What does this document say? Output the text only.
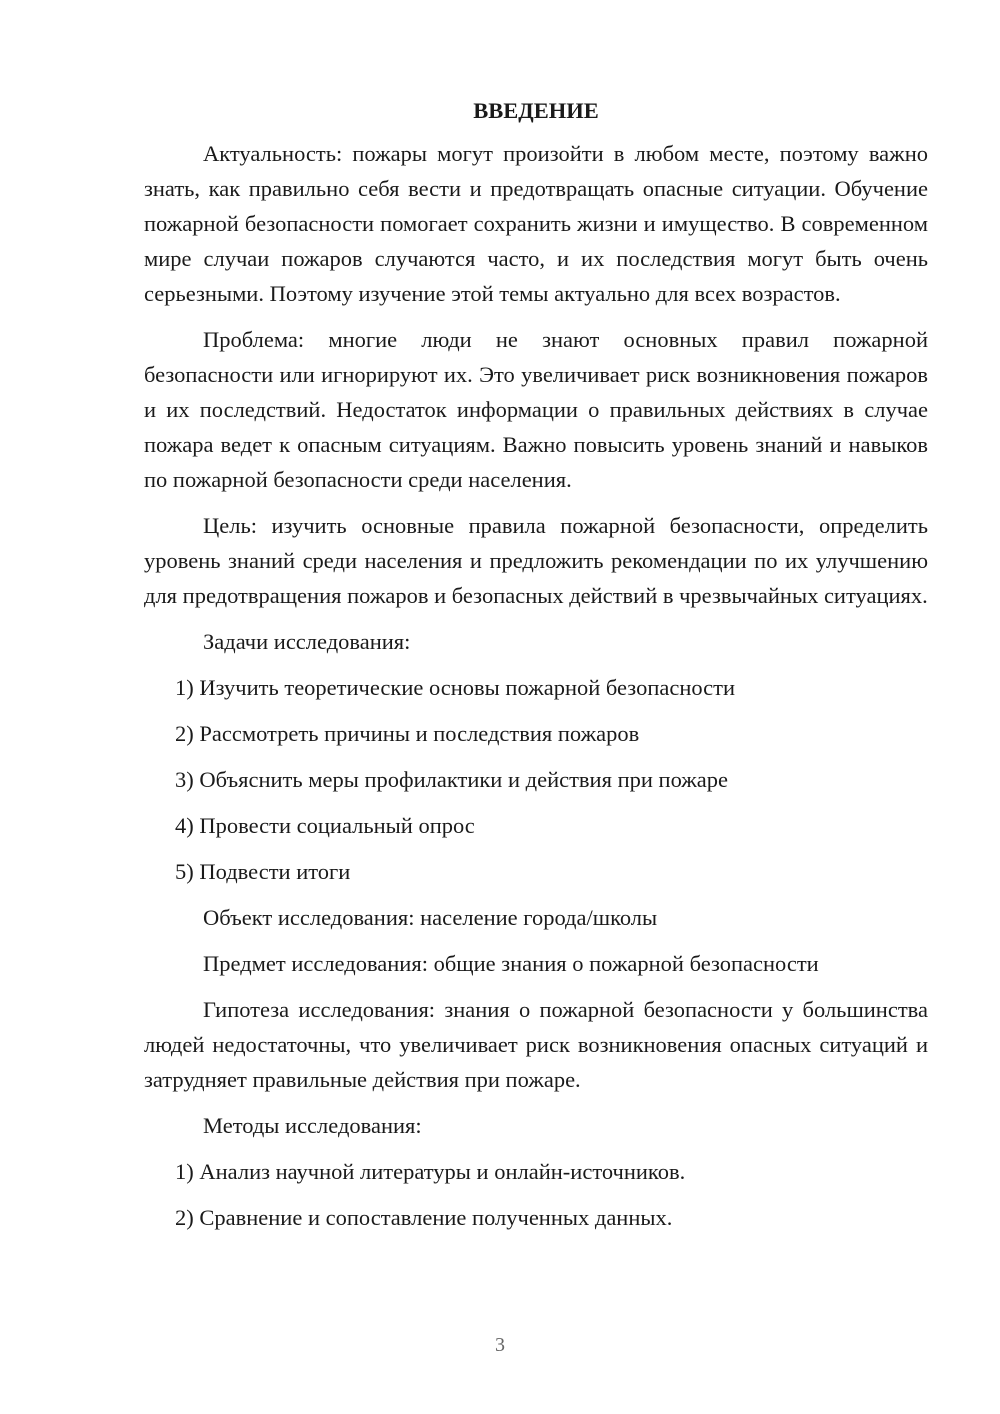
ВВЕДЕНИЕ

Актуальность: пожары могут произойти в любом месте, поэтому важно знать, как правильно себя вести и предотвращать опасные ситуации. Обучение пожарной безопасности помогает сохранить жизни и имущество. В современном мире случаи пожаров случаются часто, и их последствия могут быть очень серьезными. Поэтому изучение этой темы актуально для всех возрастов.

Проблема: многие люди не знают основных правил пожарной безопасности или игнорируют их. Это увеличивает риск возникновения пожаров и их последствий. Недостаток информации о правильных действиях в случае пожара ведет к опасным ситуациям. Важно повысить уровень знаний и навыков по пожарной безопасности среди населения.

Цель: изучить основные правила пожарной безопасности, определить уровень знаний среди населения и предложить рекомендации по их улучшению для предотвращения пожаров и безопасных действий в чрезвычайных ситуациях.

Задачи исследования:

1) Изучить теоретические основы пожарной безопасности
2) Рассмотреть причины и последствия пожаров
3) Объяснить меры профилактики и действия при пожаре
4) Провести социальный опрос
5) Подвести итоги

Объект исследования: население города/школы

Предмет исследования: общие знания о пожарной безопасности

Гипотеза исследования: знания о пожарной безопасности у большинства людей недостаточны, что увеличивает риск возникновения опасных ситуаций и затрудняет правильные действия при пожаре.

Методы исследования:

1) Анализ научной литературы и онлайн-источников.
2) Сравнение и сопоставление полученных данных.
3
